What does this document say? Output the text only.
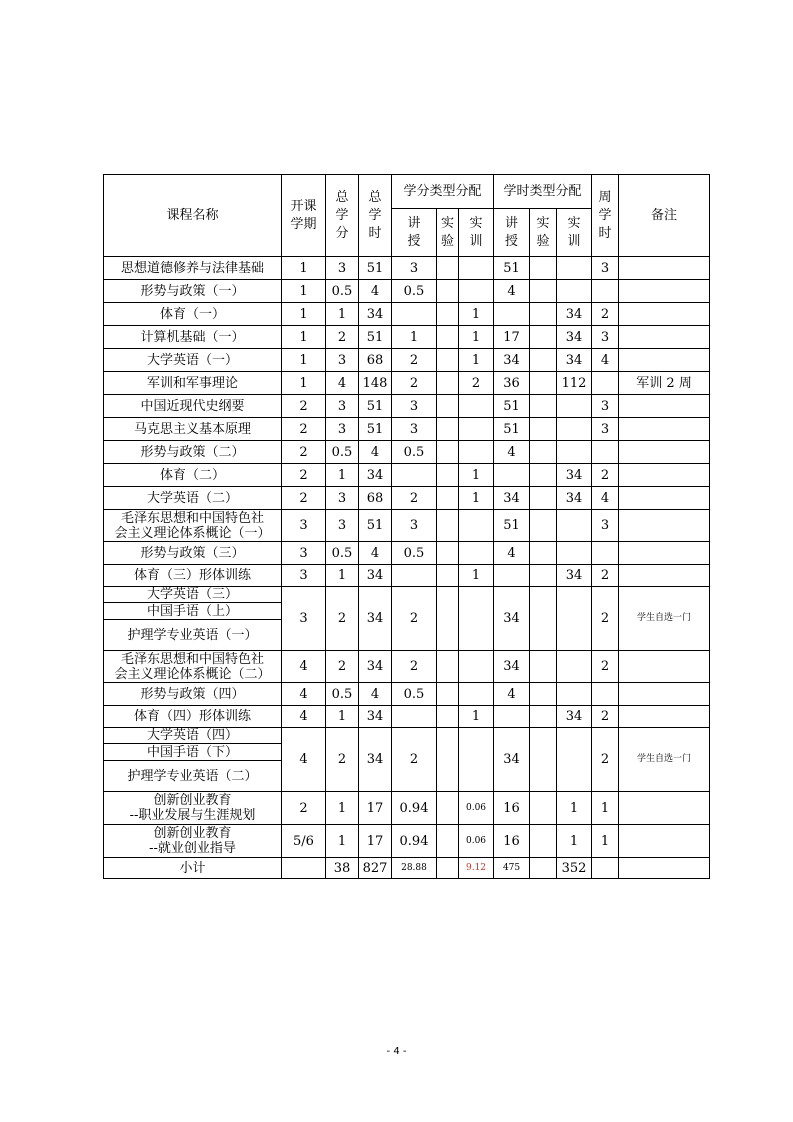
课程名称	开课学期	总学分	总学时	学分类型分配			学时类型分配			周学时	备注
				讲授	实验	实训	讲授	实验	实训		
思想道德修养与法律基础	1	3	51	3			51			3	
形势与政策（一）	1	0.5	4	0.5			4				
体育（一）	1	1	34			1			34	2	
计算机基础（一）	1	2	51	1		1	17		34	3	
大学英语（一）	1	3	68	2		1	34		34	4	
军训和军事理论	1	4	148	2		2	36		112		军训 2 周
中国近现代史纲要	2	3	51	3			51			3	
马克思主义基本原理	2	3	51	3			51			3	
形势与政策（二）	2	0.5	4	0.5			4				
体育（二）	2	1	34			1			34	2	
大学英语（二）	2	3	68	2		1	34		34	4	

毛泽东思想和中国特色社
会主义理论体系概论（一）	3	3	51	3			51			3	
形势与政策（三）	3	0.5	4	0.5			4				
体育（三）形体训练	3	1	34			1			34	2	
大学英语（三）	3	2	34	2			34			2	学生自选一门
中国手语（上）											
护理学专业英语（一）											

毛泽东思想和中国特色社
会主义理论体系概论（二）	4	2	34	2			34			2	
形势与政策（四）	4	0.5	4	0.5			4				
体育（四）形体训练	4	1	34			1			34	2	
大学英语（四）	4	2	34	2			34			2	学生自选一门
中国手语（下）											
护理学专业英语（二）											

创新创业教育
--职业发展与生涯规划	2	1	17	0.94		0.06	16		1	1	

创新创业教育
--就业创业指导	5/6	1	17	0.94		0.06	16		1	1	
小计		38	827	28.88		9.12	475		352		
- 4 -
